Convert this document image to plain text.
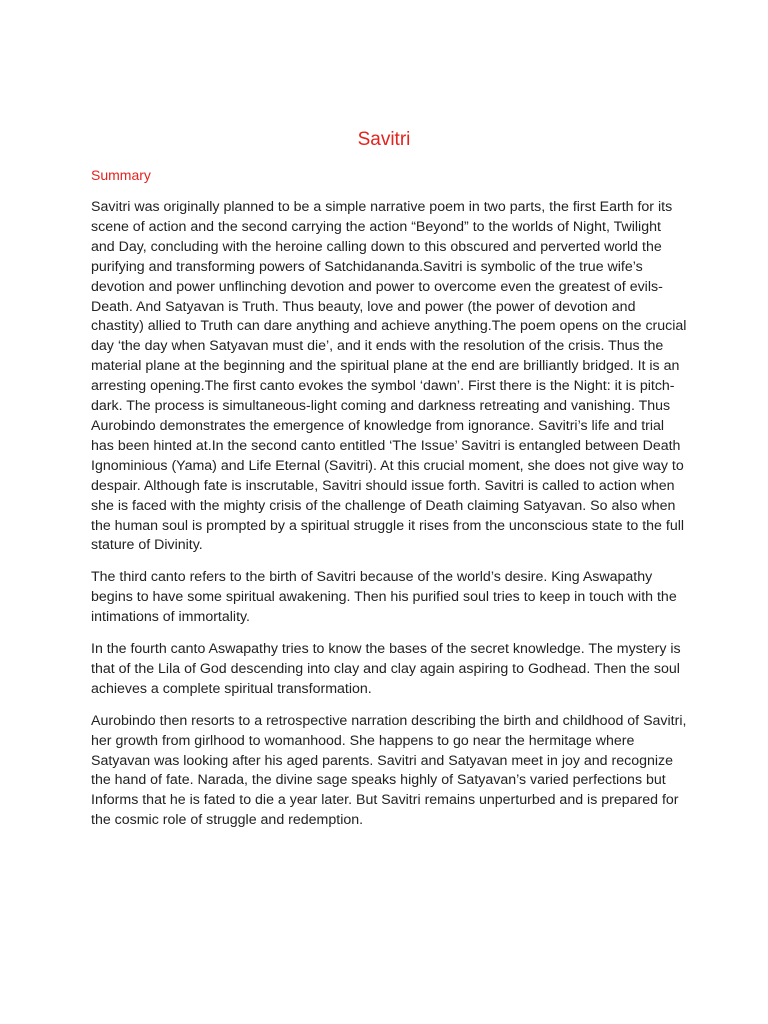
Savitri
Summary

Savitri was originally planned to be a simple narrative poem in two parts, the first Earth for its scene of action and the second carrying the action “Beyond” to the worlds of Night, Twilight and Day, concluding with the heroine calling down to this obscured and perverted world the purifying and transforming powers of Satchidananda.Savitri is symbolic of the true wife’s devotion and power unflinching devotion and power to overcome even the greatest of evils-Death. And Satyavan is Truth. Thus beauty, love and power (the power of devotion and chastity) allied to Truth can dare anything and achieve anything.The poem opens on the crucial day ‘the day when Satyavan must die’, and it ends with the resolution of the crisis. Thus the material plane at the beginning and the spiritual plane at the end are brilliantly bridged. It is an arresting opening.The first canto evokes the symbol ‘dawn’. First there is the Night: it is pitch-dark. The process is simultaneous-light coming and darkness retreating and vanishing. Thus Aurobindo demonstrates the emergence of knowledge from ignorance. Savitri’s life and trial has been hinted at.In the second canto entitled ‘The Issue’ Savitri is entangled between Death Ignominious (Yama) and Life Eternal (Savitri). At this crucial moment, she does not give way to despair. Although fate is inscrutable, Savitri should issue forth. Savitri is called to action when she is faced with the mighty crisis of the challenge of Death claiming Satyavan. So also when the human soul is prompted by a spiritual struggle it rises from the unconscious state to the full stature of Divinity.

The third canto refers to the birth of Savitri because of the world’s desire. King Aswapathy begins to have some spiritual awakening. Then his purified soul tries to keep in touch with the intimations of immortality.

In the fourth canto Aswapathy tries to know the bases of the secret knowledge. The mystery is that of the Lila of God descending into clay and clay again aspiring to Godhead. Then the soul achieves a complete spiritual transformation.

Aurobindo then resorts to a retrospective narration describing the birth and childhood of Savitri, her growth from girlhood to womanhood. She happens to go near the hermitage where Satyavan was looking after his aged parents. Savitri and Satyavan meet in joy and recognize the hand of fate. Narada, the divine sage speaks highly of Satyavan’s varied perfections but Informs that he is fated to die a year later. But Savitri remains unperturbed and is prepared for the cosmic role of struggle and redemption.
